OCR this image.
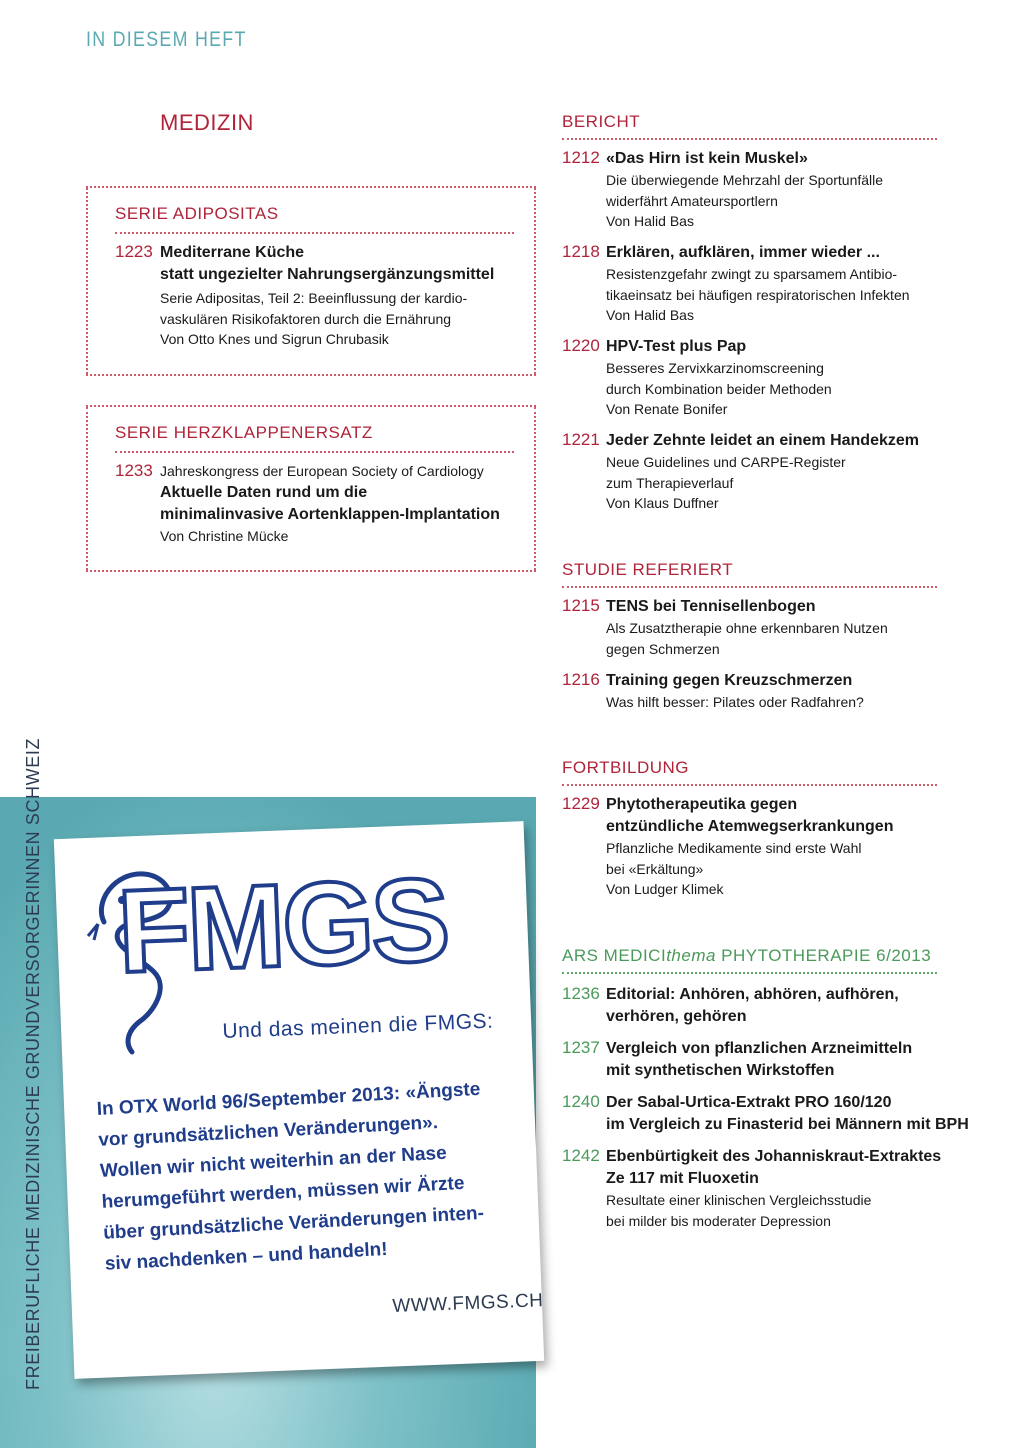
IN DIESEM HEFT
MEDIZIN
SERIE ADIPOSITAS
1223 Mediterrane Küche
statt ungezielter Nahrungsergänzungsmittel
Serie Adipositas, Teil 2: Beeinflussung der kardio-
vaskulären Risikofaktoren durch die Ernährung
Von Otto Knes und Sigrun Chrubasik
SERIE HERZKLAPPENERSATZ
1233 Jahreskongress der European Society of Cardiology
Aktuelle Daten rund um die
minimalinvasive Aortenklappen-Implantation
Von Christine Mücke
BERICHT
1212 «Das Hirn ist kein Muskel»
Die überwiegende Mehrzahl der Sportunfälle
widerfährt Amateursportlern
Von Halid Bas
1218 Erklären, aufklären, immer wieder ...
Resistenzgefahr zwingt zu sparsamem Antibio-
tikaeinsatz bei häufigen respiratorischen Infekten
Von Halid Bas
1220 HPV-Test plus Pap
Besseres Zervixkarzinomscreening
durch Kombination beider Methoden
Von Renate Bonifer
1221 Jeder Zehnte leidet an einem Handekzem
Neue Guidelines und CARPE-Register
zum Therapieverlauf
Von Klaus Duffner
STUDIE REFERIERT
1215 TENS bei Tennisellenbogen
Als Zusatztherapie ohne erkennbaren Nutzen
gegen Schmerzen
1216 Training gegen Kreuzschmerzen
Was hilft besser: Pilates oder Radfahren?
FORTBILDUNG
1229 Phytotherapeutika gegen
entzündliche Atemwegserkrankungen
Pflanzliche Medikamente sind erste Wahl
bei «Erkältung»
Von Ludger Klimek
ARS MEDICIthema PHYTOTHERAPIE 6/2013
1236 Editorial: Anhören, abhören, aufhören,
verhören, gehören
1237 Vergleich von pflanzlichen Arzneimitteln
mit synthetischen Wirkstoffen
1240 Der Sabal-Urtica-Extrakt PRO 160/120
im Vergleich zu Finasterid bei Männern mit BPH
1242 Ebenbürtigkeit des Johanniskraut-Extraktes
Ze 117 mit Fluoxetin
Resultate einer klinischen Vergleichsstudie
bei milder bis moderater Depression
FREIBERUFLICHE MEDIZINISCHE GRUNDVERSORGERINNEN SCHWEIZ FMGS
Und das meinen die FMGS:
In OTX World 96/September 2013: «Ängste
vor grundsätzlichen Veränderungen».
Wollen wir nicht weiterhin an der Nase
herumgeführt werden, müssen wir Ärzte
über grundsätzliche Veränderungen inten-
siv nachdenken – und handeln!
WWW.FMGS.CH
